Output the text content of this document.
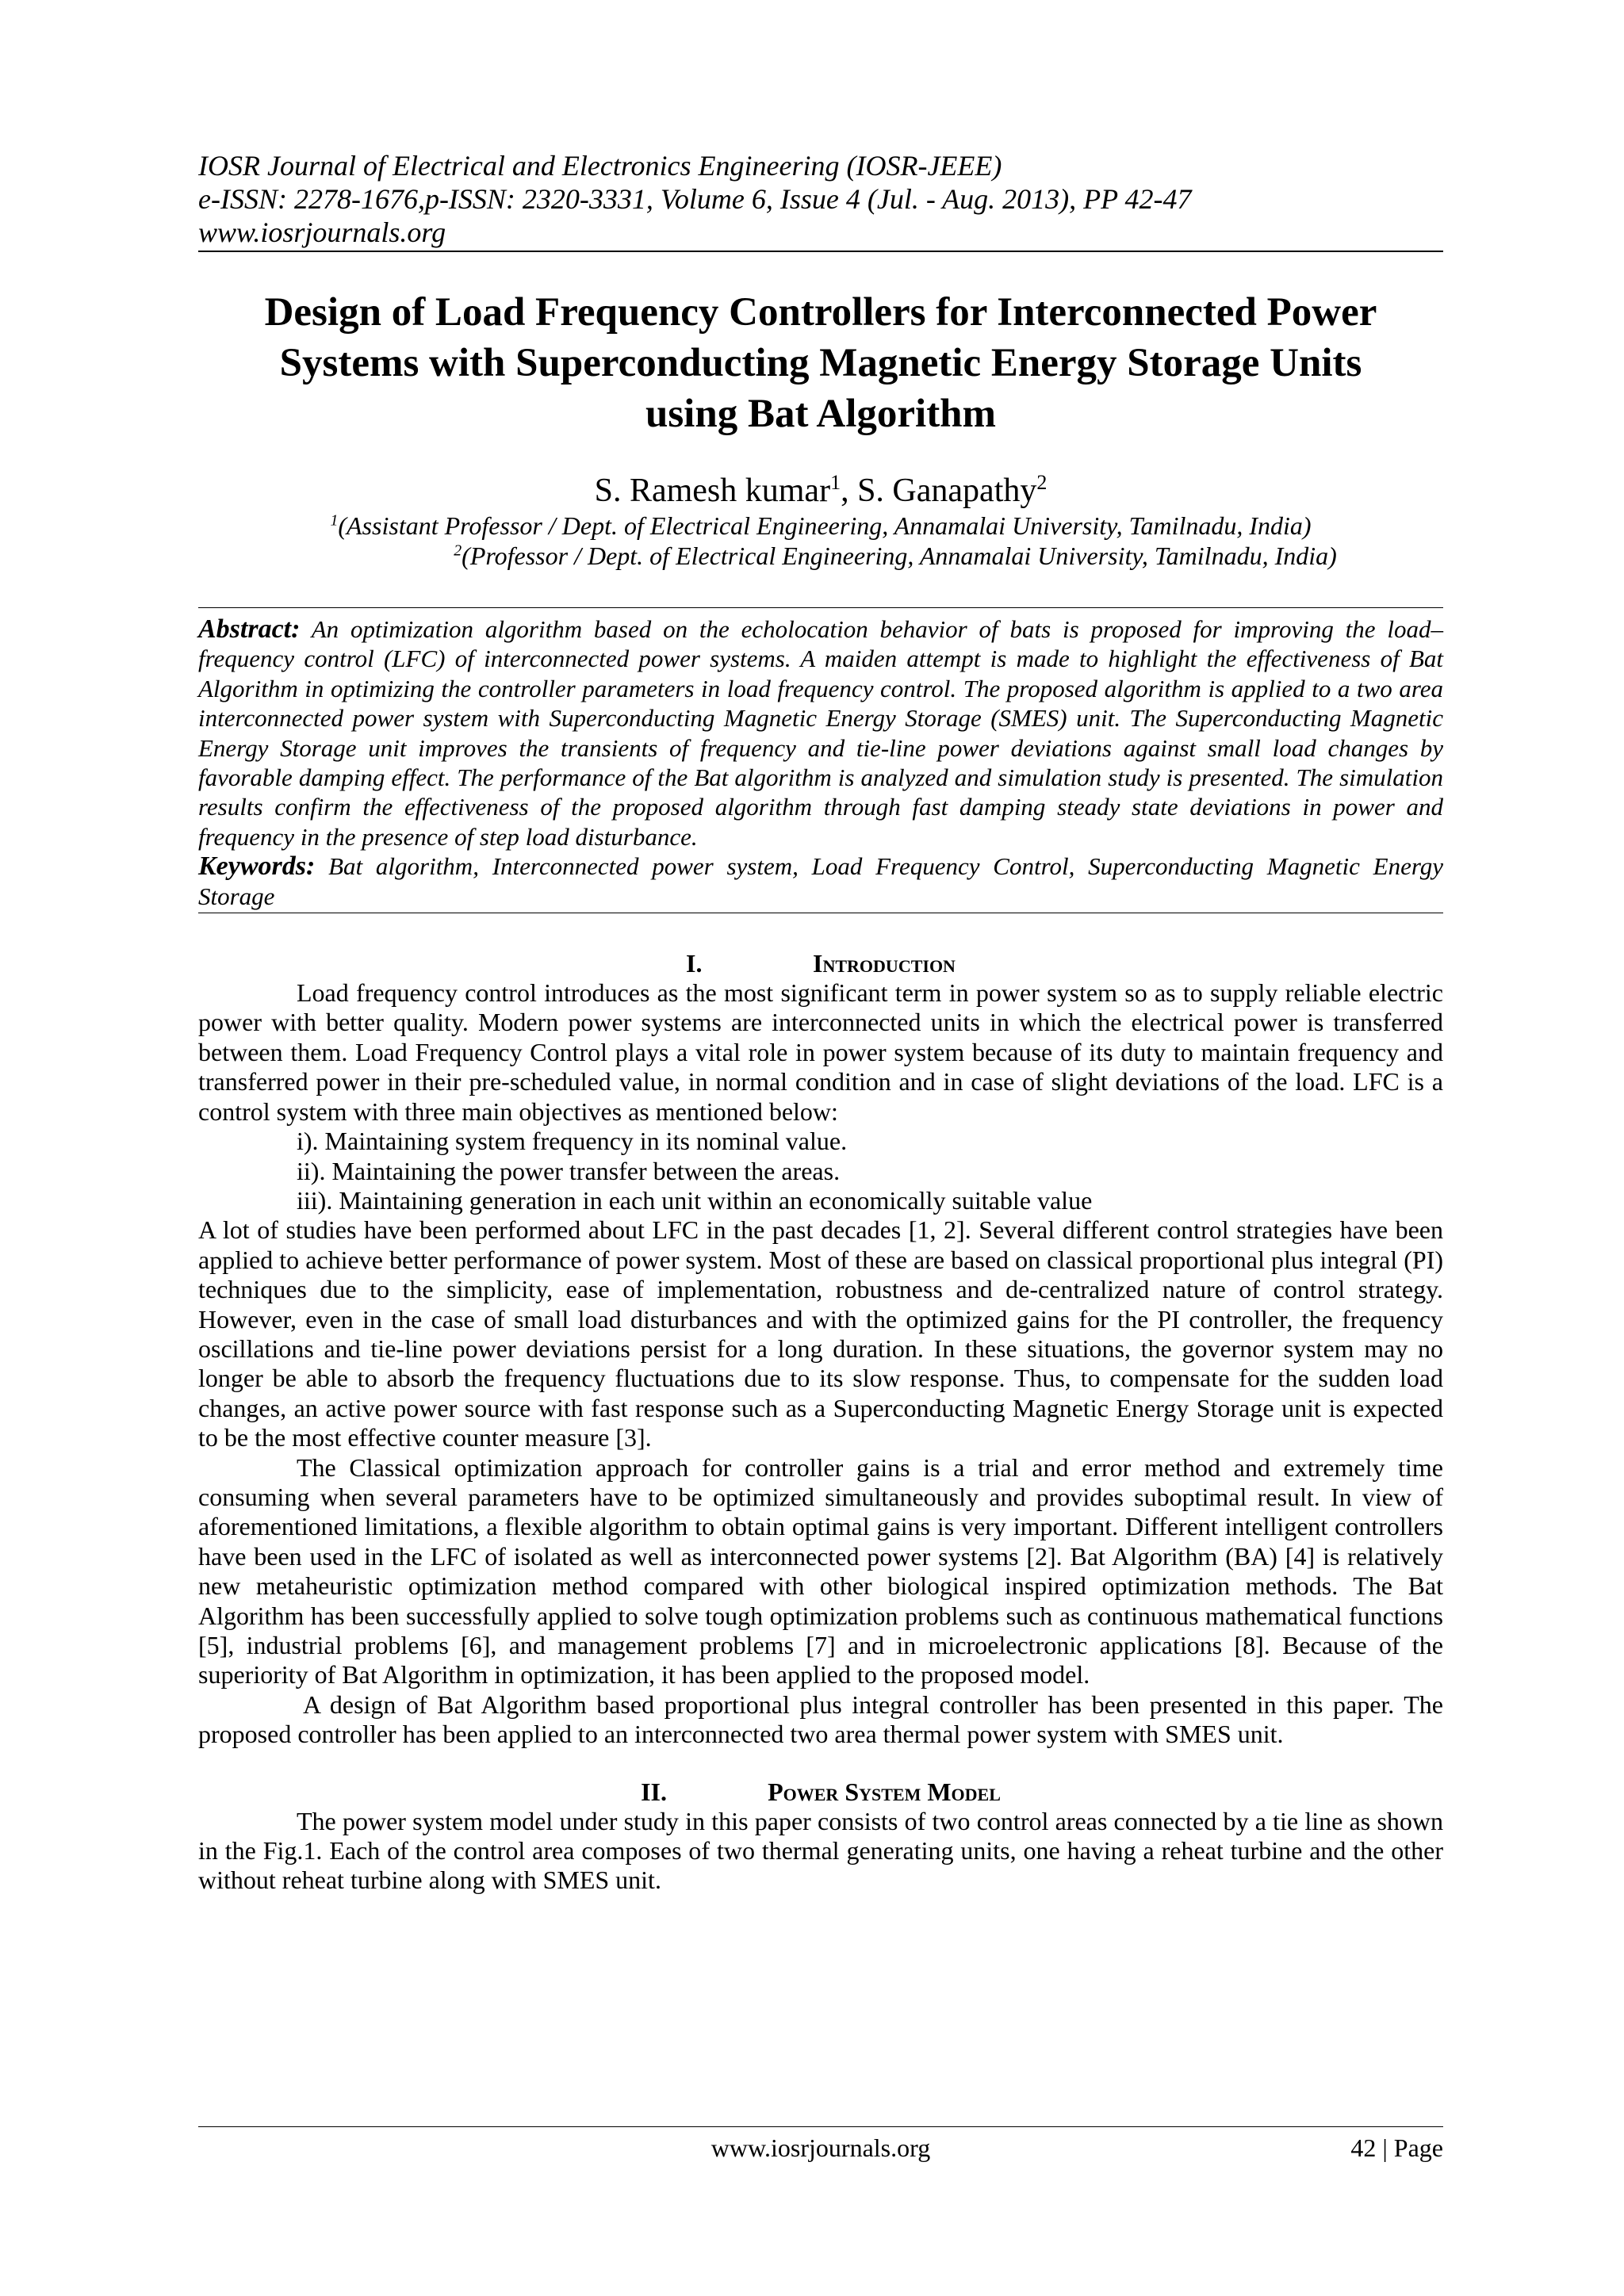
IOSR Journal of Electrical and Electronics Engineering (IOSR-JEEE)

e-ISSN: 2278-1676,p-ISSN: 2320-3331, Volume 6, Issue 4 (Jul. - Aug. 2013), PP 42-47

www.iosrjournals.org

Design of Load Frequency Controllers for Interconnected Power
Systems with Superconducting Magnetic Energy Storage Units
using Bat Algorithm

S. Ramesh kumar$^1$, S. Ganapathy$^2$

$^1$(Assistant Professor / Dept. of Electrical Engineering, Annamalai University, Tamilnadu, India)

$^2$(Professor / Dept. of Electrical Engineering, Annamalai University, Tamilnadu, India)

Abstract: An optimization algorithm based on the echolocation behavior of bats is proposed for improving the load–frequency control (LFC) of interconnected power systems. A maiden attempt is made to highlight the effectiveness of Bat Algorithm in optimizing the controller parameters in load frequency control. The proposed algorithm is applied to a two area interconnected power system with Superconducting Magnetic Energy Storage (SMES) unit. The Superconducting Magnetic Energy Storage unit improves the transients of frequency and tie-line power deviations against small load changes by favorable damping effect. The performance of the Bat algorithm is analyzed and simulation study is presented. The simulation results confirm the effectiveness of the proposed algorithm through fast damping steady state deviations in power and frequency in the presence of step load disturbance.

Keywords: Bat algorithm, Interconnected power system, Load Frequency Control, Superconducting Magnetic Energy Storage

I.	Introduction

Load frequency control introduces as the most significant term in power system so as to supply reliable electric power with better quality. Modern power systems are interconnected units in which the electrical power is transferred between them. Load Frequency Control plays a vital role in power system because of its duty to maintain frequency and transferred power in their pre-scheduled value, in normal condition and in case of slight deviations of the load. LFC is a control system with three main objectives as mentioned below:

i). Maintaining system frequency in its nominal value.

ii). Maintaining the power transfer between the areas.

iii). Maintaining generation in each unit within an economically suitable value

A lot of studies have been performed about LFC in the past decades [1, 2]. Several different control strategies have been applied to achieve better performance of power system. Most of these are based on classical proportional plus integral (PI) techniques due to the simplicity, ease of implementation, robustness and de-centralized nature of control strategy. However, even in the case of small load disturbances and with the optimized gains for the PI controller, the frequency oscillations and tie-line power deviations persist for a long duration. In these situations, the governor system may no longer be able to absorb the frequency fluctuations due to its slow response. Thus, to compensate for the sudden load changes, an active power source with fast response such as a Superconducting Magnetic Energy Storage unit is expected to be the most effective counter measure [3].

The Classical optimization approach for controller gains is a trial and error method and extremely time consuming when several parameters have to be optimized simultaneously and provides suboptimal result. In view of aforementioned limitations, a flexible algorithm to obtain optimal gains is very important. Different intelligent controllers have been used in the LFC of isolated as well as interconnected power systems [2]. Bat Algorithm (BA) [4] is relatively new metaheuristic optimization method compared with other biological inspired optimization methods. The Bat Algorithm has been successfully applied to solve tough optimization problems such as continuous mathematical functions [5], industrial problems [6], and management problems [7] and in microelectronic applications [8]. Because of the superiority of Bat Algorithm in optimization, it has been applied to the proposed model.

A design of Bat Algorithm based proportional plus integral controller has been presented in this paper. The proposed controller has been applied to an interconnected two area thermal power system with SMES unit.

II.	Power System Model

The power system model under study in this paper consists of two control areas connected by a tie line as shown in the Fig.1. Each of the control area composes of two thermal generating units, one having a reheat turbine and the other without reheat turbine along with SMES unit.

www.iosrjournals.org	42 | Page
